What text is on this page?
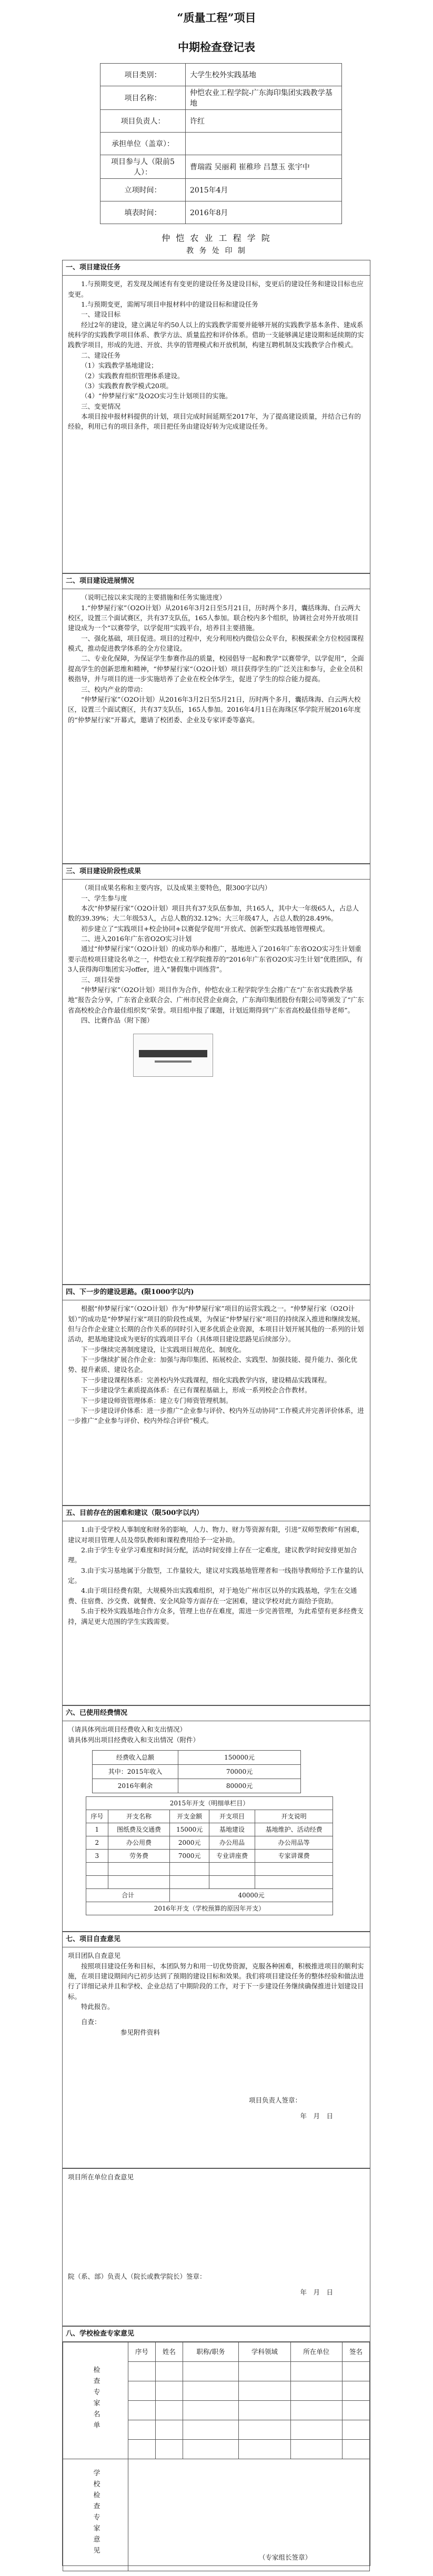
“质量工程”项目
中期检查登记表
项目类别：	大学生校外实践基地
项目名称：	仲恺农业工程学院-广东海印集团实践教学基地
项目负责人：	许红
承担单位（盖章）：	
项目参与人（限前5人）：	曹瑞霞 吴丽莉 崔稚珍 吕慧玉 张宇中
立项时间：	2015年4月
填表时间：	2016年8月
仲 恺 农 业 工 程 学 院
教 务 处 印 制
一、项目建设任务

1.与预期变更，若发现及阐述有有变更的建设任务及建设目标，变更后的建设任务和建设目标也应变更。

1.与预期变更，需阐写项目申报材料中的建设目标和建设任务

一、建设目标

经过2年的建设，建立满足年约50人以上的实践教学需要并能够开展的实践教学基本条件、建成系统科学的实践教学项目体系、教学方法、质量监控和评价体系。借助一支能够满足建设期和延续期的实践教学项目，形成的先进、开放、共享的管理模式和开放机制，构建互聘机制及实践教学合作模式。

二、建设任务

（1）实践教学基地建设；

（2）实践教育组织管理体系建设。

（3）实践教育教学模式20项。

（4）“仲梦屋行家”及O2O实习生计划项目的实施。

三、变更情况

本项目按申报材料提供的计划，项目完成时间延期至2017年，为了提高建设质量，并结合已有的经验，利用已有的项目条件，项目把任务由建设好转为完成建设任务。

二、项目建设进展情况

（说明已按以来实现的主要措施和任务实施进度）

1.“仲梦屋行家”（O2O计划）从2016年3月2日至5月21日，历时两个多月，囊括珠海、白云两大校区，设置三个面试赛区，共有37支队伍，165人参加。联合校内多个组织，协调社会对外开放项目建设成为一个“以赛带学，以学促用”实践平台，培养目主要措施。

一、强化基础，项目促进。项目的过程中，充分利用校内微信公众平台，积极探索全方位校园课程模式，推动促进教学体系的全方位建设。

二、专业化保障，为保证学生参赛作品的质量，校园倡导一起和教学“以赛带学，以学促用”，全面提高学生的创新思维和精神，“仲梦屋行家“（O2O计划）项目获得学生的广泛关注和参与，企业全员积极指导，并与项目的进一步实施培养了企业在校全体学生，促进了学生的综合能力提高。

三、校内产业的带动：

“仲梦屋行家”（O2O计划）从2016年3月2日至5月21日，历时两个多月，囊括珠海、白云两大校区，设置三个面试赛区，共有37支队伍，165人参加。2016年4月1日在海珠区华学院开展2016年度的“仲梦屋行家”开幕式，邀请了校团委、企业及专家评委等嘉宾。

三、项目建设阶段性成果

（项目成果名称和主要内容，以及成果主要特色，限300字以内）

一、学生参与度

本次“仲梦屋行家”（O2O计划）项目共有37支队伍参加，共165人，其中大一年级65人，占总人数的39.39%；大二年级53人，占总人数的32.12%；大三年级47人，占总人数的28.49%。

初步建立了“实践项目+校企协同+以赛促学促用”开放式、创新型实践基地管理模式。

二、进入2016年广东省O2O实习计划

通过“仲梦屋行家”（O2O计划）的成功举办和推广，基地进入了2016年广东省O2O实习生计划重要示范校项目建设名单之一，仲恺农业工程学院推荐的“2016年广东省O2O实习生计划”优胜团队，有3人获得海印集团实习offer，进入“暑假集中训练营”。

三、项目荣誉

“仲梦屋行家”（O2O计划）项目作为合作，仲恺农业工程学院学生会推广在“广东省实践教学基地”报告会分享，广东省企业联合会、广州市民营企业商会，广东海印集团股份有限公司等颁发了“广东省高校校企合作最佳组织奖”荣誉。项目组申报了课题，计划近期得到“广东省高校最佳指导老师”。

四、比赛作品（附下图）

四、下一步的建设思路。(限1000字以内)

根据“仲梦屋行家”（O2O计划）作为“仲梦屋行家”项目的运营实践之一。“仲梦屋行家（O2O计划）”的成功是“仲梦屋行家”项目的阶段性成果，为保证“仲梦屋行家”项目的持续深入推进和继续发展。但与合作企业建立长期的合作关系的同时引入更多优质企业资源，本项目计划开展其他的一系列的计划活动，把基地建设成为更好的实践项目平台（具体项目建设思路见后续部分）。

下一步继续完善制度建设，让实践项目规范化、制度化。

下一步继续扩展合作企业：加强与海印集团、拓展校企、实践型、加强技能、提升能力、强化优势、提升素质、建设名企。

下一步建设课程体系：完善校内外实践课程，细化实践教学内容，建设精品实践课程。

下一步建设学生素质提高体系：在已有课程基础上，形成一系列校企合作教材。

下一步建设师资管理体系：建立专门师资管理机制。

下一步建设评价体系：进一步推广“企业参与评价、校内外互动协同”工作模式并完善评价体系，进一步推广“企业参与评价、校内外综合评价”模式。

五、目前存在的困难和建议（限500字以内）

1.由于受学校人事制度和财务的影响，人力、物力、财力等资源有限，引进“双师型教师”有困难，建议对项目管理人员及带队教师和课程费用给予一定补助。

2.由于学生专业学习难度和时间分配，活动时间安排上存在一定难度，建议教学时间安排更加合理。

3.由于实习基地属于分散型，工作量较大，建议对实践基地管理者和一线指导教师给予工作量的认定。

4.由于项目经费有限，大规模外出实践难组织，对于地处广州市区以外的实践基地，学生在交通费、住宿费、沙交费、就餐费、安全风险等方面存在一定困难，建议学校对此方面给予资助。

5.由于校外实践基地合作方众多，管理上也存在难度，需进一步完善管理，为此希望有更多经费支持，满足更大范围的学生实践需要。

六、已使用经费情况

（请具体列出项目经费收入和支出情况）

请具体列出项目经费收入和支出情况（附件）

经费收入总额	150000元
其中：2015年收入	70000元
2016年剩余	80000元
2015年开支（明细单栏目）				
序号	开支名称	开支金额	开支项目	开支说明
1	图纸费及交通费	15000元	基地建设	基地维护、活动经费
2	办公用费	2000元	办公用品	办公用品等
3	劳务费	7000元	专业讲座费	专家讲课费

合计		40000元		
2016年开支（学校预算的原因年开支）				
七、项目自查意见

项目团队自查意见

按照项目建设任务和目标，本团队努力和用一切优势资源，克服各种困难，积极推进项目的顺利实施，在项目建设期间内已初步达到了预期的建设目标和效果。我们将项目建设任务的整体经验和做法进行了详细记录并且和学校、企业总结了中期阶段的工作，对于下一步建设任务继续确保推进计划建设目标。

特此报告。

自查：

参见附件资料

项目负责人签章：

年　月　日

项目所在单位自查意见

院（系、部）负责人（院长或教学院长）签章：

年　月　日

八、学校检查专家意见
检查专家名单	序号	姓名	职称/职务	学科领域	所在单位	签名

学校检查专家意见	（专家组长签章）					
